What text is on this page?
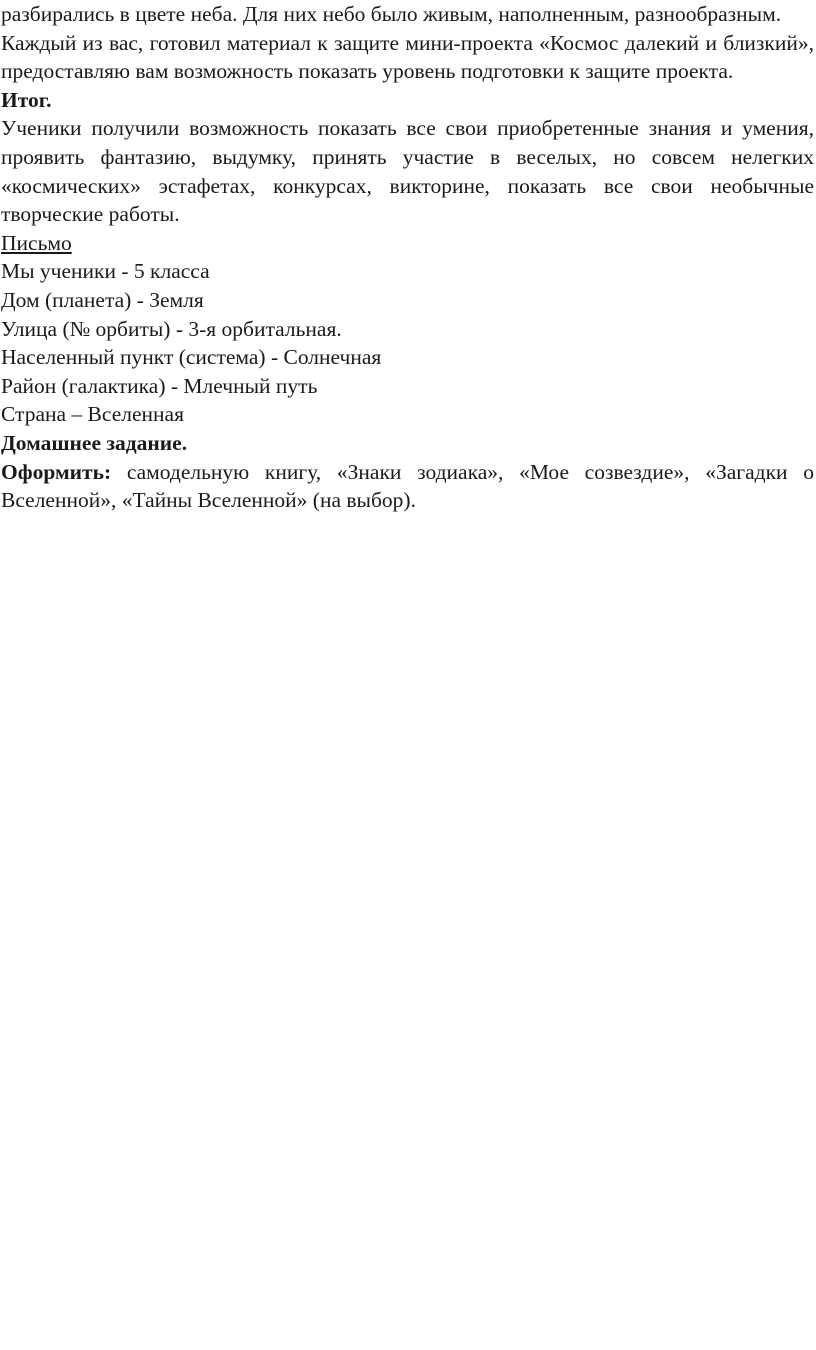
разбирались в цвете неба. Для них небо было живым, наполненным, разнообразным.

Каждый из вас, готовил материал к защите мини-проекта «Космос далекий и близкий», предоставляю вам возможность показать уровень подготовки к защите проекта.

Итог.

Ученики получили возможность показать все свои приобретенные знания и умения, проявить фантазию, выдумку, принять участие в веселых, но совсем нелегких «космических» эстафетах, конкурсах, викторине, показать все свои необычные творческие работы.

Письмо

Мы ученики - 5 класса

Дом (планета) - Земля

Улица (№ орбиты) - 3-я орбитальная.

Населенный пункт (система) - Солнечная

Район (галактика) - Млечный путь

Страна – Вселенная

Домашнее задание.

Оформить: самодельную книгу, «Знаки зодиака», «Мое созвездие», «Загадки о Вселенной», «Тайны Вселенной» (на выбор).
